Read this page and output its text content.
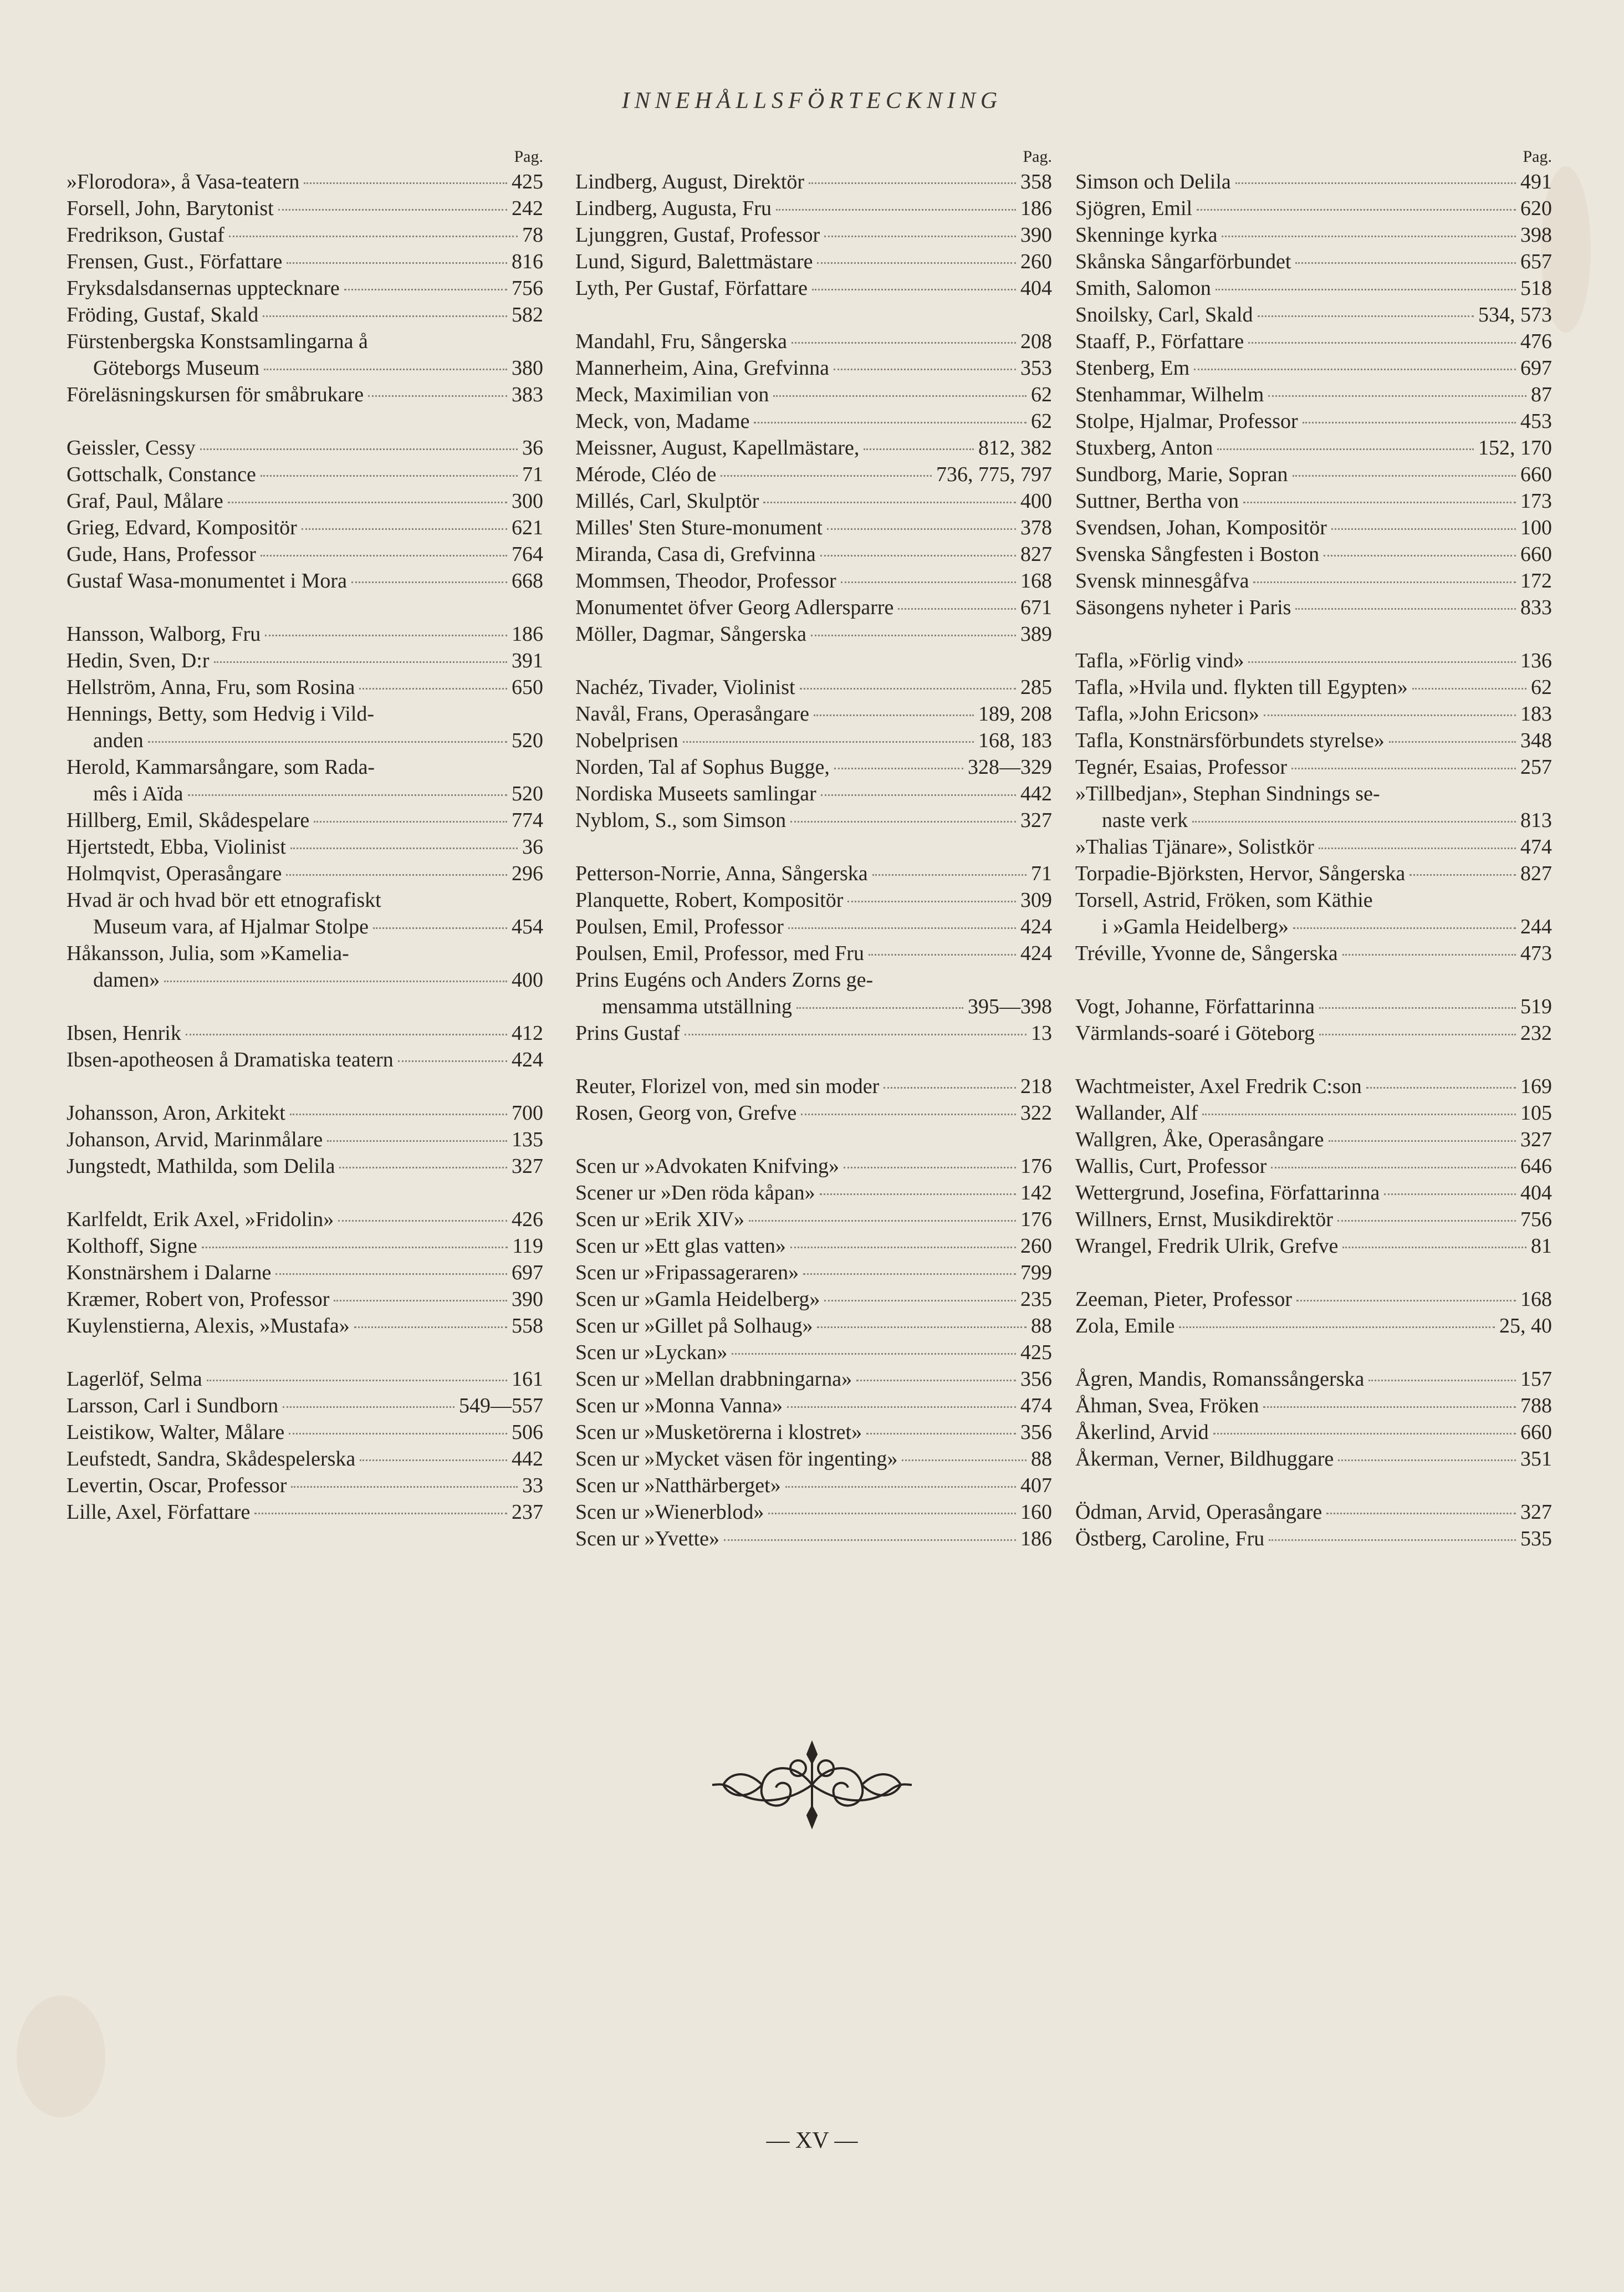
INNEHÅLLSFÖRTECKNING
Pag.
»Florodora», å Vasa-teatern	425
Forsell, John, Barytonist	242
Fredrikson, Gustaf	78
Frensen, Gust., Författare	816
Fryksdalsdansernas upptecknare	756
Fröding, Gustaf, Skald	582
Fürstenbergska Konstsamlingarna å
Göteborgs Museum	380
Föreläsningskursen för småbrukare	383
Geissler, Cessy	36
Gottschalk, Constance	71
Graf, Paul, Målare	300
Grieg, Edvard, Kompositör	621
Gude, Hans, Professor	764
Gustaf Wasa-monumentet i Mora	668
Hansson, Walborg, Fru	186
Hedin, Sven, D:r	391
Hellström, Anna, Fru, som Rosina	650
Hennings, Betty, som Hedvig i Vild-
anden	520
Herold, Kammarsångare, som Rada-
mês i Aïda	520
Hillberg, Emil, Skådespelare	774
Hjertstedt, Ebba, Violinist	36
Holmqvist, Operasångare	296
Hvad är och hvad bör ett etnografiskt
Museum vara, af Hjalmar Stolpe	454
Håkansson, Julia, som »Kamelia-
damen»	400
Ibsen, Henrik	412
Ibsen-apotheosen å Dramatiska teatern	424
Johansson, Aron, Arkitekt	700
Johanson, Arvid, Marinmålare	135
Jungstedt, Mathilda, som Delila	327
Karlfeldt, Erik Axel, »Fridolin»	426
Kolthoff, Signe	119
Konstnärshem i Dalarne	697
Kræmer, Robert von, Professor	390
Kuylenstierna, Alexis, »Mustafa»	558
Lagerlöf, Selma	161
Larsson, Carl i Sundborn	549—557
Leistikow, Walter, Målare	506
Leufstedt, Sandra, Skådespelerska	442
Levertin, Oscar, Professor	33
Lille, Axel, Författare	237
Pag.
Lindberg, August, Direktör	358
Lindberg, Augusta, Fru	186
Ljunggren, Gustaf, Professor	390
Lund, Sigurd, Balettmästare	260
Lyth, Per Gustaf, Författare	404
Mandahl, Fru, Sångerska	208
Mannerheim, Aina, Grefvinna	353
Meck, Maximilian von	62
Meck, von, Madame	62
Meissner, August, Kapellmästare,	812, 382
Mérode, Cléo de	736, 775, 797
Millés, Carl, Skulptör	400
Milles' Sten Sture-monument	378
Miranda, Casa di, Grefvinna	827
Mommsen, Theodor, Professor	168
Monumentet öfver Georg Adlersparre	671
Möller, Dagmar, Sångerska	389
Nachéz, Tivader, Violinist	285
Navål, Frans, Operasångare	189, 208
Nobelprisen	168, 183
Norden, Tal af Sophus Bugge,	328—329
Nordiska Museets samlingar	442
Nyblom, S., som Simson	327
Petterson-Norrie, Anna, Sångerska	71
Planquette, Robert, Kompositör	309
Poulsen, Emil, Professor	424
Poulsen, Emil, Professor, med Fru	424
Prins Eugéns och Anders Zorns ge-
mensamma utställning	395—398
Prins Gustaf	13
Reuter, Florizel von, med sin moder	218
Rosen, Georg von, Grefve	322
Scen ur »Advokaten Knifving»	176
Scener ur »Den röda kåpan»	142
Scen ur »Erik XIV»	176
Scen ur »Ett glas vatten»	260
Scen ur »Fripassageraren»	799
Scen ur »Gamla Heidelberg»	235
Scen ur »Gillet på Solhaug»	88
Scen ur »Lyckan»	425
Scen ur »Mellan drabbningarna»	356
Scen ur »Monna Vanna»	474
Scen ur »Musketörerna i klostret»	356
Scen ur »Mycket väsen för ingenting»	88
Scen ur »Natthärberget»	407
Scen ur »Wienerblod»	160
Scen ur »Yvette»	186
Pag.
Simson och Delila	491
Sjögren, Emil	620
Skenninge kyrka	398
Skånska Sångarförbundet	657
Smith, Salomon	518
Snoilsky, Carl, Skald	534, 573
Staaff, P., Författare	476
Stenberg, Em	697
Stenhammar, Wilhelm	87
Stolpe, Hjalmar, Professor	453
Stuxberg, Anton	152, 170
Sundborg, Marie, Sopran	660
Suttner, Bertha von	173
Svendsen, Johan, Kompositör	100
Svenska Sångfesten i Boston	660
Svensk minnesgåfva	172
Säsongens nyheter i Paris	833
Tafla, »Förlig vind»	136
Tafla, »Hvila und. flykten till Egypten»	62
Tafla, »John Ericson»	183
Tafla, Konstnärsförbundets styrelse»	348
Tegnér, Esaias, Professor	257
»Tillbedjan», Stephan Sindnings se-
naste verk	813
»Thalias Tjänare», Solistkör	474
Torpadie-Björksten, Hervor, Sångerska	827
Torsell, Astrid, Fröken, som Käthie
i »Gamla Heidelberg»	244
Tréville, Yvonne de, Sångerska	473
Vogt, Johanne, Författarinna	519
Värmlands-soaré i Göteborg	232
Wachtmeister, Axel Fredrik C:son	169
Wallander, Alf	105
Wallgren, Åke, Operasångare	327
Wallis, Curt, Professor	646
Wettergrund, Josefina, Författarinna	404
Willners, Ernst, Musikdirektör	756
Wrangel, Fredrik Ulrik, Grefve	81
Zeeman, Pieter, Professor	168
Zola, Emile	25, 40
Ågren, Mandis, Romanssångerska	157
Åhman, Svea, Fröken	788
Åkerlind, Arvid	660
Åkerman, Verner, Bildhuggare	351
Ödman, Arvid, Operasångare	327
Östberg, Caroline, Fru	535
— XV —
